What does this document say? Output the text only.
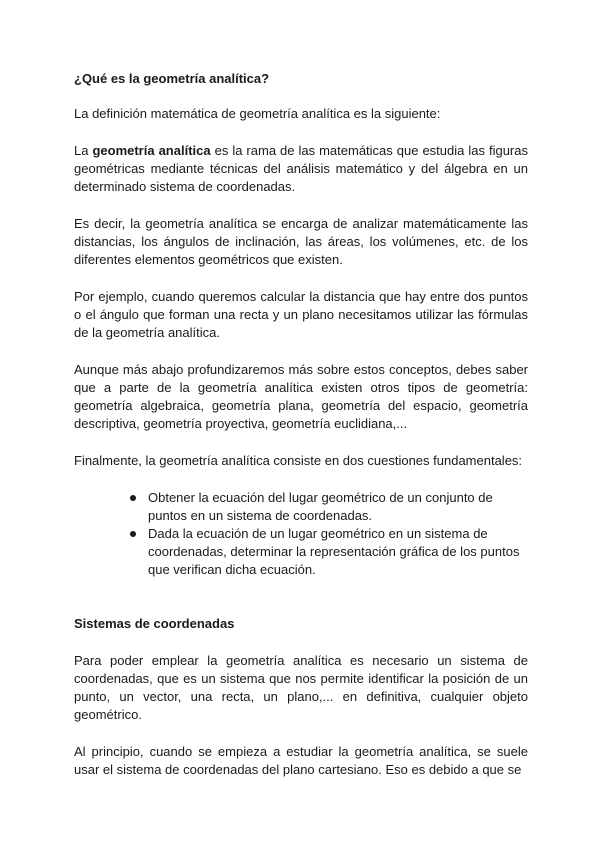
¿Qué es la geometría analítica?

La definición matemática de geometría analítica es la siguiente:

La geometría analítica es la rama de las matemáticas que estudia las figuras geométricas mediante técnicas del análisis matemático y del álgebra en un determinado sistema de coordenadas.

Es decir, la geometría analítica se encarga de analizar matemáticamente las distancias, los ángulos de inclinación, las áreas, los volúmenes, etc. de los diferentes elementos geométricos que existen.

Por ejemplo, cuando queremos calcular la distancia que hay entre dos puntos o el ángulo que forman una recta y un plano necesitamos utilizar las fórmulas de la geometría analítica.

Aunque más abajo profundizaremos más sobre estos conceptos, debes saber que a parte de la geometría analítica existen otros tipos de geometría: geometría algebraica, geometría plana, geometría del espacio, geometría descriptiva, geometría proyectiva, geometría euclidiana,...

Finalmente, la geometría analítica consiste en dos cuestiones fundamentales:

Obtener la ecuación del lugar geométrico de un conjunto de puntos en un sistema de coordenadas.
Dada la ecuación de un lugar geométrico en un sistema de coordenadas, determinar la representación gráfica de los puntos que verifican dicha ecuación.
Sistemas de coordenadas

Para poder emplear la geometría analítica es necesario un sistema de coordenadas, que es un sistema que nos permite identificar la posición de un punto, un vector, una recta, un plano,... en definitiva, cualquier objeto geométrico.

Al principio, cuando se empieza a estudiar la geometría analítica, se suele usar el sistema de coordenadas del plano cartesiano. Eso es debido a que se
